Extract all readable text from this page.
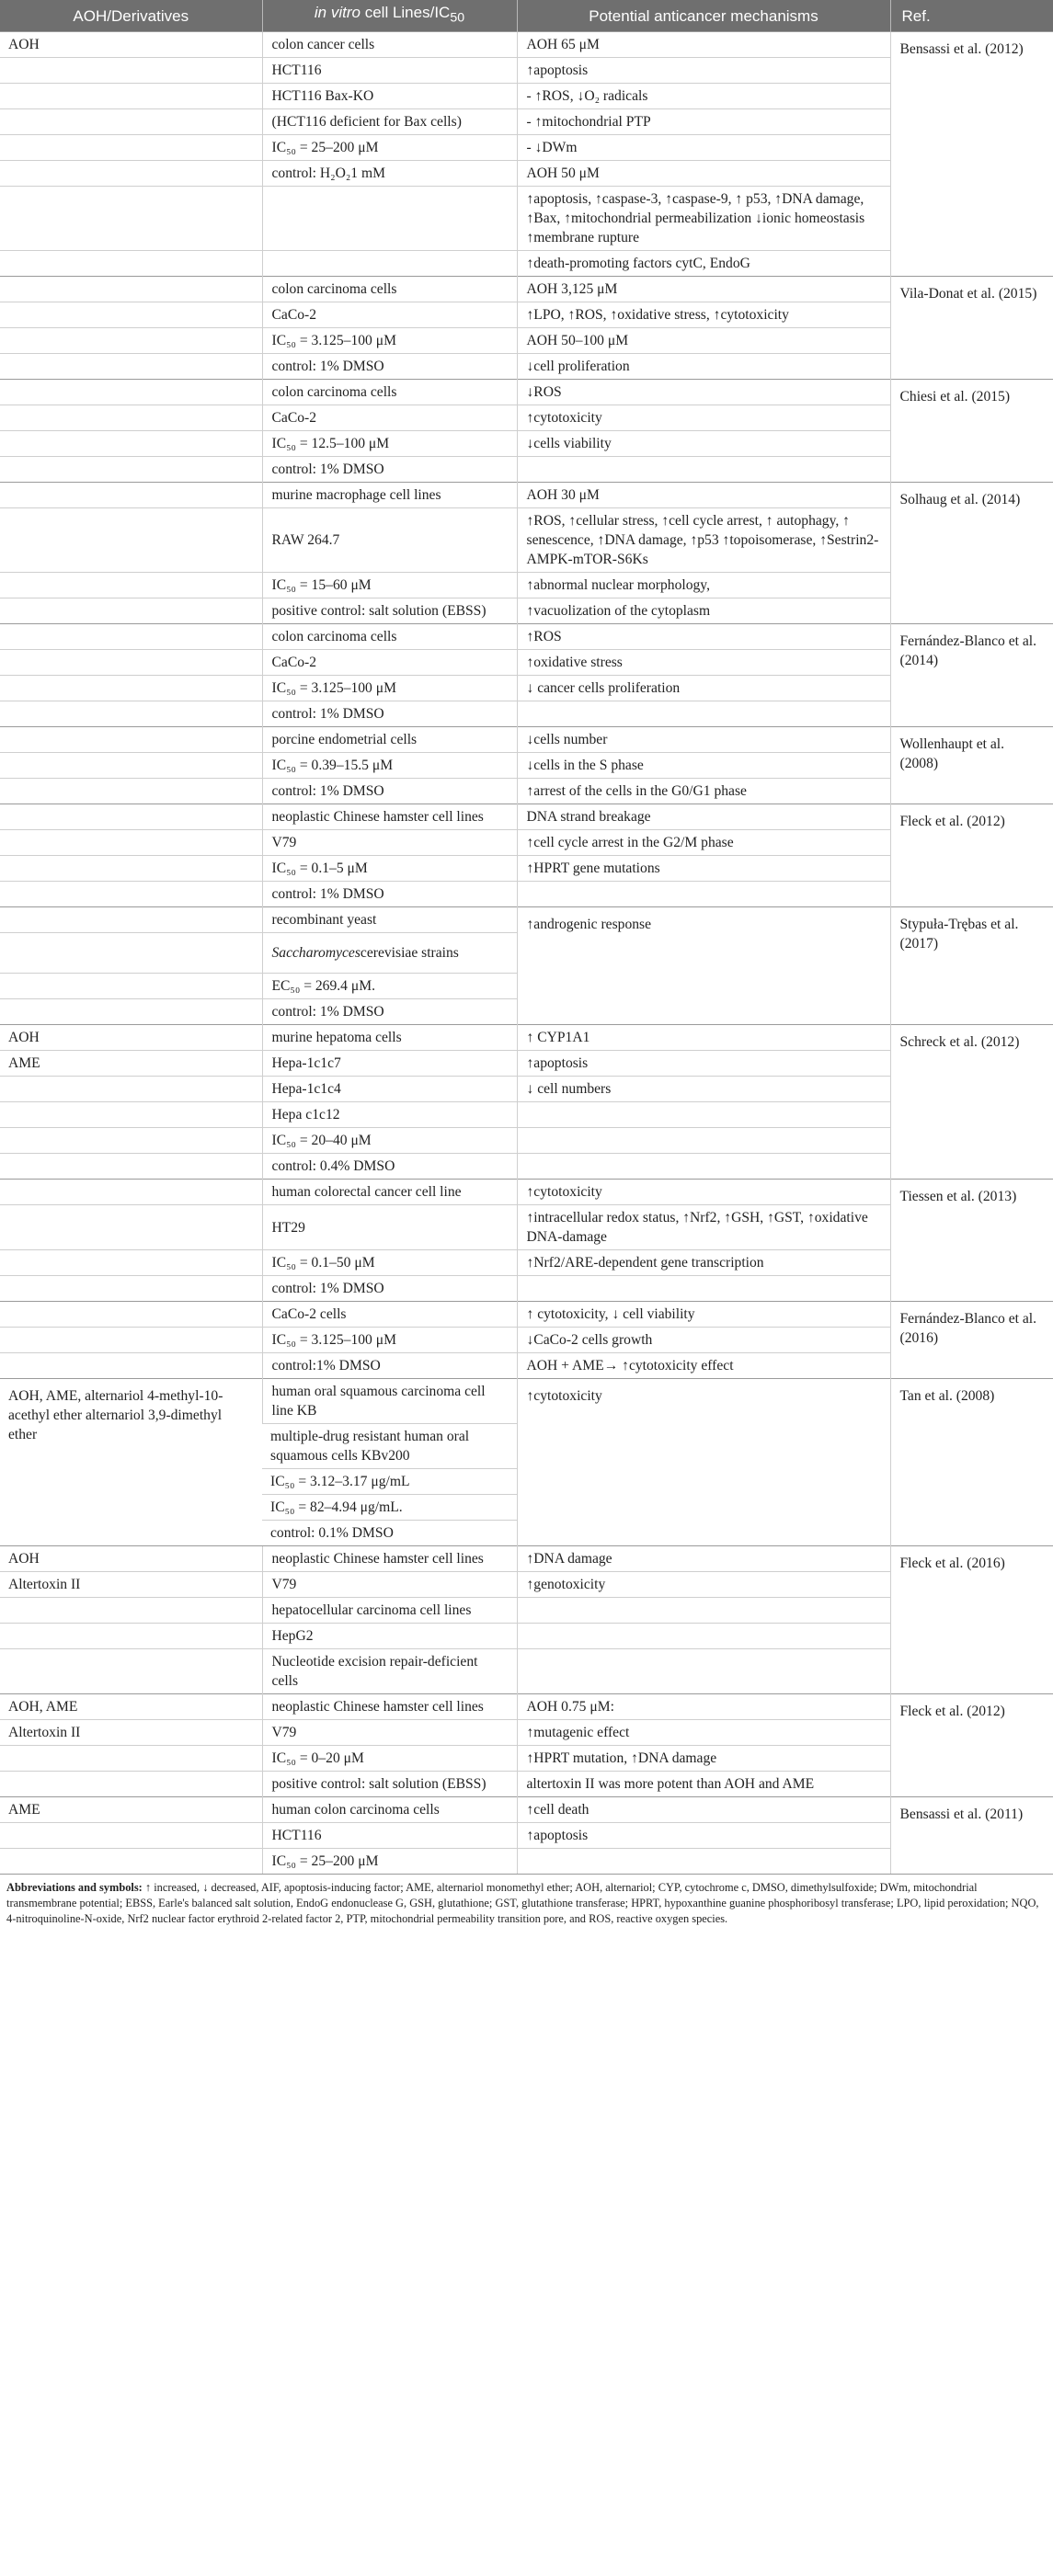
AOH/Derivatives	in vitro cell Lines/$IC_{50}$	Potential anticancer mechanisms	Ref.
AOH	colon cancer cells	AOH 65 μM	Bensassi et al. (2012)
	HCT116	↑apoptosis	
	HCT116 Bax-KO	- ↑ROS, ↓O₂ radicals	
	(HCT116 deficient for Bax cells)	- ↑mitochondrial PTP	
	IC₅₀ = 25–200 μM	- ↓DWm	
	control: H₂O₂1 mM	AOH 50 μM	
		↑apoptosis, ↑caspase-3, ↑caspase-9, ↑ p53, ↑DNA damage, ↑Bax, ↑mitochondrial permeabilization ↓ionic homeostasis ↑membrane rupture	
		↑death-promoting factors cytC, EndoG	
	colon carcinoma cells	AOH 3,125 μM	Vila-Donat et al. (2015)
	CaCo-2	↑LPO, ↑ROS, ↑oxidative stress, ↑cytotoxicity	
	IC₅₀ = 3.125–100 μM	AOH 50–100 μM	
	control: 1% DMSO	↓cell proliferation	
	colon carcinoma cells	↓ROS	Chiesi et al. (2015)
	CaCo-2	↑cytotoxicity	
	IC₅₀ = 12.5–100 μM	↓cells viability	
	control: 1% DMSO		
	murine macrophage cell lines	AOH 30 μM	Solhaug et al. (2014)
	RAW 264.7	↑ROS, ↑cellular stress, ↑cell cycle arrest, ↑ autophagy, ↑ senescence, ↑DNA damage, ↑p53 ↑topoisomerase, ↑Sestrin2-AMPK-mTOR-S6Ks	
	IC₅₀ = 15–60 μM	↑abnormal nuclear morphology,	
	positive control: salt solution (EBSS)	↑vacuolization of the cytoplasm	
	colon carcinoma cells	↑ROS	Fernández-Blanco et al. (2014)
	CaCo-2	↑oxidative stress	
	IC₅₀ = 3.125–100 μM	↓ cancer cells proliferation	
	control: 1% DMSO		
	porcine endometrial cells	↓cells number	Wollenhaupt et al. (2008)
	IC₅₀ = 0.39–15.5 μM	↓cells in the S phase	
	control: 1% DMSO	↑arrest of the cells in the G0/G1 phase	
	neoplastic Chinese hamster cell lines	DNA strand breakage	Fleck et al. (2012)
	V79	↑cell cycle arrest in the G2/M phase	
	IC₅₀ = 0.1–5 μM	↑HPRT gene mutations	
	control: 1% DMSO		
	recombinant yeast	↑androgenic response	Stypuła-Trębas et al. (2017)
	Saccharomycescerevisiae strains		
	EC₅₀ = 269.4 μM.		
	control: 1% DMSO		
AOH	murine hepatoma cells	↑ CYP1A1	Schreck et al. (2012)
AME	Hepa-1c1c7	↑apoptosis	
	Hepa-1c1c4	↓ cell numbers	
	Hepa c1c12		
	IC₅₀ = 20–40 μM		
	control: 0.4% DMSO		
	human colorectal cancer cell line	↑cytotoxicity	Tiessen et al. (2013)
	HT29	↑intracellular redox status, ↑Nrf2, ↑GSH, ↑GST, ↑oxidative DNA-damage	
	IC₅₀ = 0.1–50 μM	↑Nrf2/ARE-dependent gene transcription	
	control: 1% DMSO		
	CaCo-2 cells	↑ cytotoxicity, ↓ cell viability	Fernández-Blanco et al. (2016)
	IC₅₀ = 3.125–100 μM	↓CaCo-2 cells growth	
	control:1% DMSO	AOH + AME→ ↑cytotoxicity effect	
AOH, AME, alternariol 4-methyl-10-acethyl ether alternariol 3,9-dimethyl ether	human oral squamous carcinoma cell line KB	↑cytotoxicity	Tan et al. (2008)
	multiple-drug resistant human oral squamous cells KBv200		
	IC₅₀ = 3.12–3.17 μg/mL		
	IC₅₀ = 82–4.94 μg/mL.		
	control: 0.1% DMSO		
AOH	neoplastic Chinese hamster cell lines	↑DNA damage	Fleck et al. (2016)
Altertoxin II	V79	↑genotoxicity	
	hepatocellular carcinoma cell lines		
	HepG2		
	Nucleotide excision repair-deficient cells		
AOH, AME	neoplastic Chinese hamster cell lines	AOH 0.75 μM:	Fleck et al. (2012)
Altertoxin II	V79	↑mutagenic effect	
	IC₅₀ = 0–20 μM	↑HPRT mutation, ↑DNA damage	
	positive control: salt solution (EBSS)	altertoxin II was more potent than AOH and AME	
AME	human colon carcinoma cells	↑cell death	Bensassi et al. (2011)
	HCT116	↑apoptosis	
	IC₅₀ = 25–200 μM		
Abbreviations and symbols: ↑ increased, ↓ decreased, AIF, apoptosis-inducing factor; AME, alternariol monomethyl ether; AOH, alternariol; CYP, cytochrome c, DMSO, dimethylsulfoxide; DWm, mitochondrial transmembrane potential; EBSS, Earle's balanced salt solution, EndoG endonuclease G, GSH, glutathione; GST, glutathione transferase; HPRT, hypoxanthine guanine phosphoribosyl transferase; LPO, lipid peroxidation; NQO, 4-nitroquinoline-N-oxide, Nrf2 nuclear factor erythroid 2-related factor 2, PTP, mitochondrial permeability transition pore, and ROS, reactive oxygen species.
